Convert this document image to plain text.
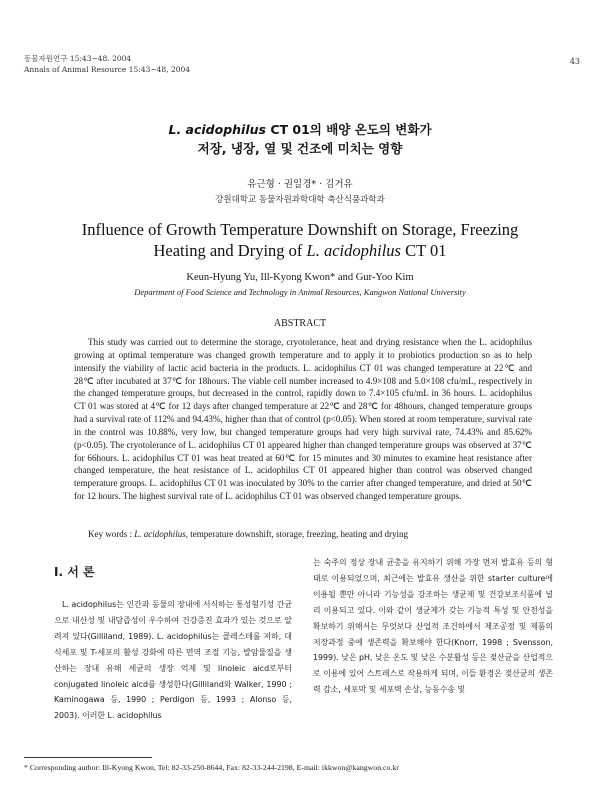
동물자원연구 15:43~48. 2004
Annals of Animal Resource 15:43~48, 2004
43
L. acidophilus CT 01의 배양 온도의 변화가
저장, 냉장, 열 및 건조에 미치는 영향
유근형 · 권일경* · 김거유
강원대학교 동물자원과학대학 축산식품과학과
Influence of Growth Temperature Downshift on Storage, Freezing
Heating and Drying of L. acidophilus CT 01
Keun-Hyung Yu, Ill-Kyong Kwon* and Gur-Yoo Kim
Department of Food Science and Technology in Animal Resources, Kangwon National University
ABSTRACT

This study was carried out to determine the storage, cryotolerance, heat and drying resistance when the L. acidophilus growing at optimal temperature was changed growth temperature and to apply it to probiotics production so as to help intensify the viability of lactic acid bacteria in the products. L. acidophilus CT 01 was changed temperature at 22℃ and 28℃ after incubated at 37℃ for 18hours. The viable cell number increased to 4.9×108 and 5.0×108 cfu/mL, respectively in the changed temperature groups, but decreased in the control, rapidly down to 7.4×105 cfu/mL in 36 hours. L. acidophilus CT 01 was stored at 4℃ for 12 days after changed temperature at 22℃ and 28℃ for 48hours, changed temperature groups had a survival rate of 112% and 94.43%, higher than that of control (p<0.05). When stored at room temperature, survival rate in the control was 10.88%, very low, but changed temperature groups had very high survival rate, 74.43% and 85.62% (p<0.05). The cryotolerance of L. acidophilus CT 01 appeared higher than changed temperature groups was observed at 37℃ for 66hours. L. acidophilus CT 01 was heat treated at 60℃ for 15 minutes and 30 minutes to examine heat resistance after changed temperature, the heat resistance of L. acidophilus CT 01 appeared higher than control was observed changed temperature groups. L. acidophilus CT 01 was inoculated by 30% to the carrier after changed temperature, and dried at 50℃ for 12 hours. The highest survival rate of L. acidophilus CT 01 was observed changed temperature groups.

Key words : L. acidophilus, temperature downshift, storage, freezing, heating and drying
Ⅰ. 서 론

L. acidophilus는 인간과 동물의 장내에 서식하는 통성혐기성 간균으로 내산성 및 내담즙성이 우수하여 건강증진 효과가 있는 것으로 알려져 있다(Gilliland, 1989). L. acidophilus는 콜레스테롤 저하, 대식세포 및 T-세포의 활성 강화에 따른 면역 조절 기능, 발암물질을 생산하는 장내 유해 세균의 생장 억제 및 linoleic aicd로부터 conjugated linoleic aicd를 생성한다(Gilliland와 Walker, 1990 ; Kaminogawa 등, 1990 ; Perdigon 등, 1993 ; Alonso 등, 2003). 이러한 L. acidophilus

는 숙주의 정상 장내 균총을 유지하기 위해 가장 먼저 발효유 등의 형태로 이용되었으며, 최근에는 발효유 생산을 위한 starter culture에 이용될 뿐만 아니라 기능성을 강조하는 생균제 및 건강보조식품에 널리 이용되고 있다. 이와 같이 생균제가 갖는 기능적 특성 및 안전성을 확보하기 위해서는 무엇보다 산업적 조건하에서 제조공정 및 제품의 저장과정 중에 생존력을 확보해야 한다(Knorr, 1998 ; Svensson, 1999). 낮은 pH, 낮은 온도 및 낮은 수분활성 등은 젖산균을 산업적으로 이용에 있어 스트레스로 작용하게 되며, 이들 환경은 젖산균의 생존력 감소, 세포막 및 세포벽 손상, 능동수송 및

* Corresponding author: Ill-Kyong Kwon, Tel: 82-33-250-8644, Fax: 82-33-244-2198, E-mail: ikkwon@kangwon.co.kr
